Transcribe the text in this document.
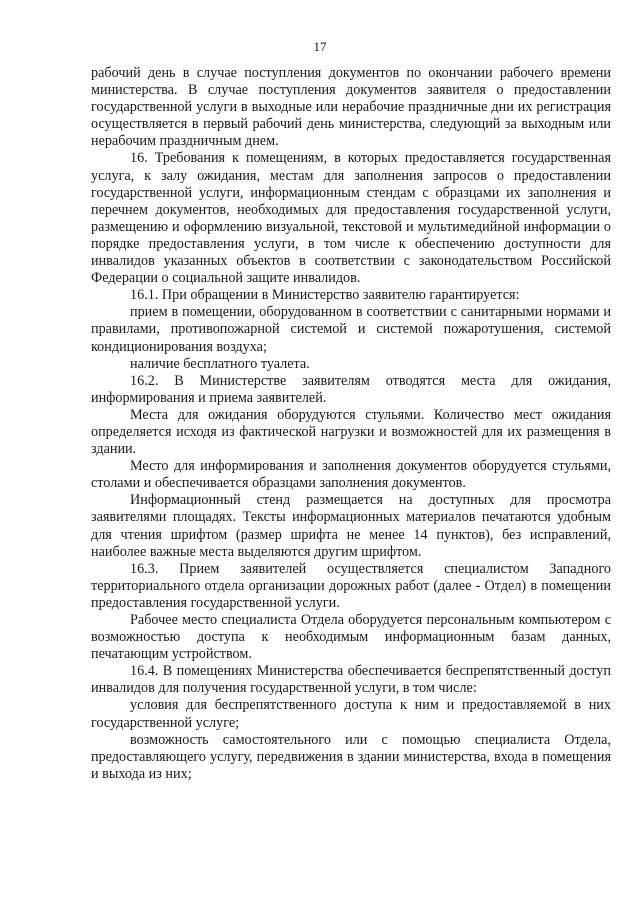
17

рабочий день в случае поступления документов по окончании рабочего времени министерства. В случае поступления документов заявителя о предоставлении государственной услуги в выходные или нерабочие праздничные дни их регистрация осуществляется в первый рабочий день министерства, следующий за выходным или нерабочим праздничным днем.

16. Требования к помещениям, в которых предоставляется государственная услуга, к залу ожидания, местам для заполнения запросов о предоставлении государственной услуги, информационным стендам с образцами их заполнения и перечнем документов, необходимых для предоставления государственной услуги, размещению и оформлению визуальной, текстовой и мультимедийной информации о порядке предоставления услуги, в том числе к обеспечению доступности для инвалидов указанных объектов в соответствии с законодательством Российской Федерации о социальной защите инвалидов.

16.1. При обращении в Министерство заявителю гарантируется:

прием в помещении, оборудованном в соответствии с санитарными нормами и правилами, противопожарной системой и системой пожаротушения, системой кондиционирования воздуха;

наличие бесплатного туалета.

16.2. В Министерстве заявителям отводятся места для ожидания, информирования и приема заявителей.

Места для ожидания оборудуются стульями. Количество мест ожидания определяется исходя из фактической нагрузки и возможностей для их размещения в здании.

Место для информирования и заполнения документов оборудуется стульями, столами и обеспечивается образцами заполнения документов.

Информационный стенд размещается на доступных для просмотра заявителями площадях. Тексты информационных материалов печатаются удобным для чтения шрифтом (размер шрифта не менее 14 пунктов), без исправлений, наиболее важные места выделяются другим шрифтом.

16.3. Прием заявителей осуществляется специалистом Западного территориального отдела организации дорожных работ (далее - Отдел) в помещении предоставления государственной услуги.

Рабочее место специалиста Отдела оборудуется персональным компьютером с возможностью доступа к необходимым информационным базам данных, печатающим устройством.

16.4. В помещениях Министерства обеспечивается беспрепятственный доступ инвалидов для получения государственной услуги, в том числе:

условия для беспрепятственного доступа к ним и предоставляемой в них государственной услуге;

возможность самостоятельного или с помощью специалиста Отдела, предоставляющего услугу, передвижения в здании министерства, входа в помещения и выхода из них;
